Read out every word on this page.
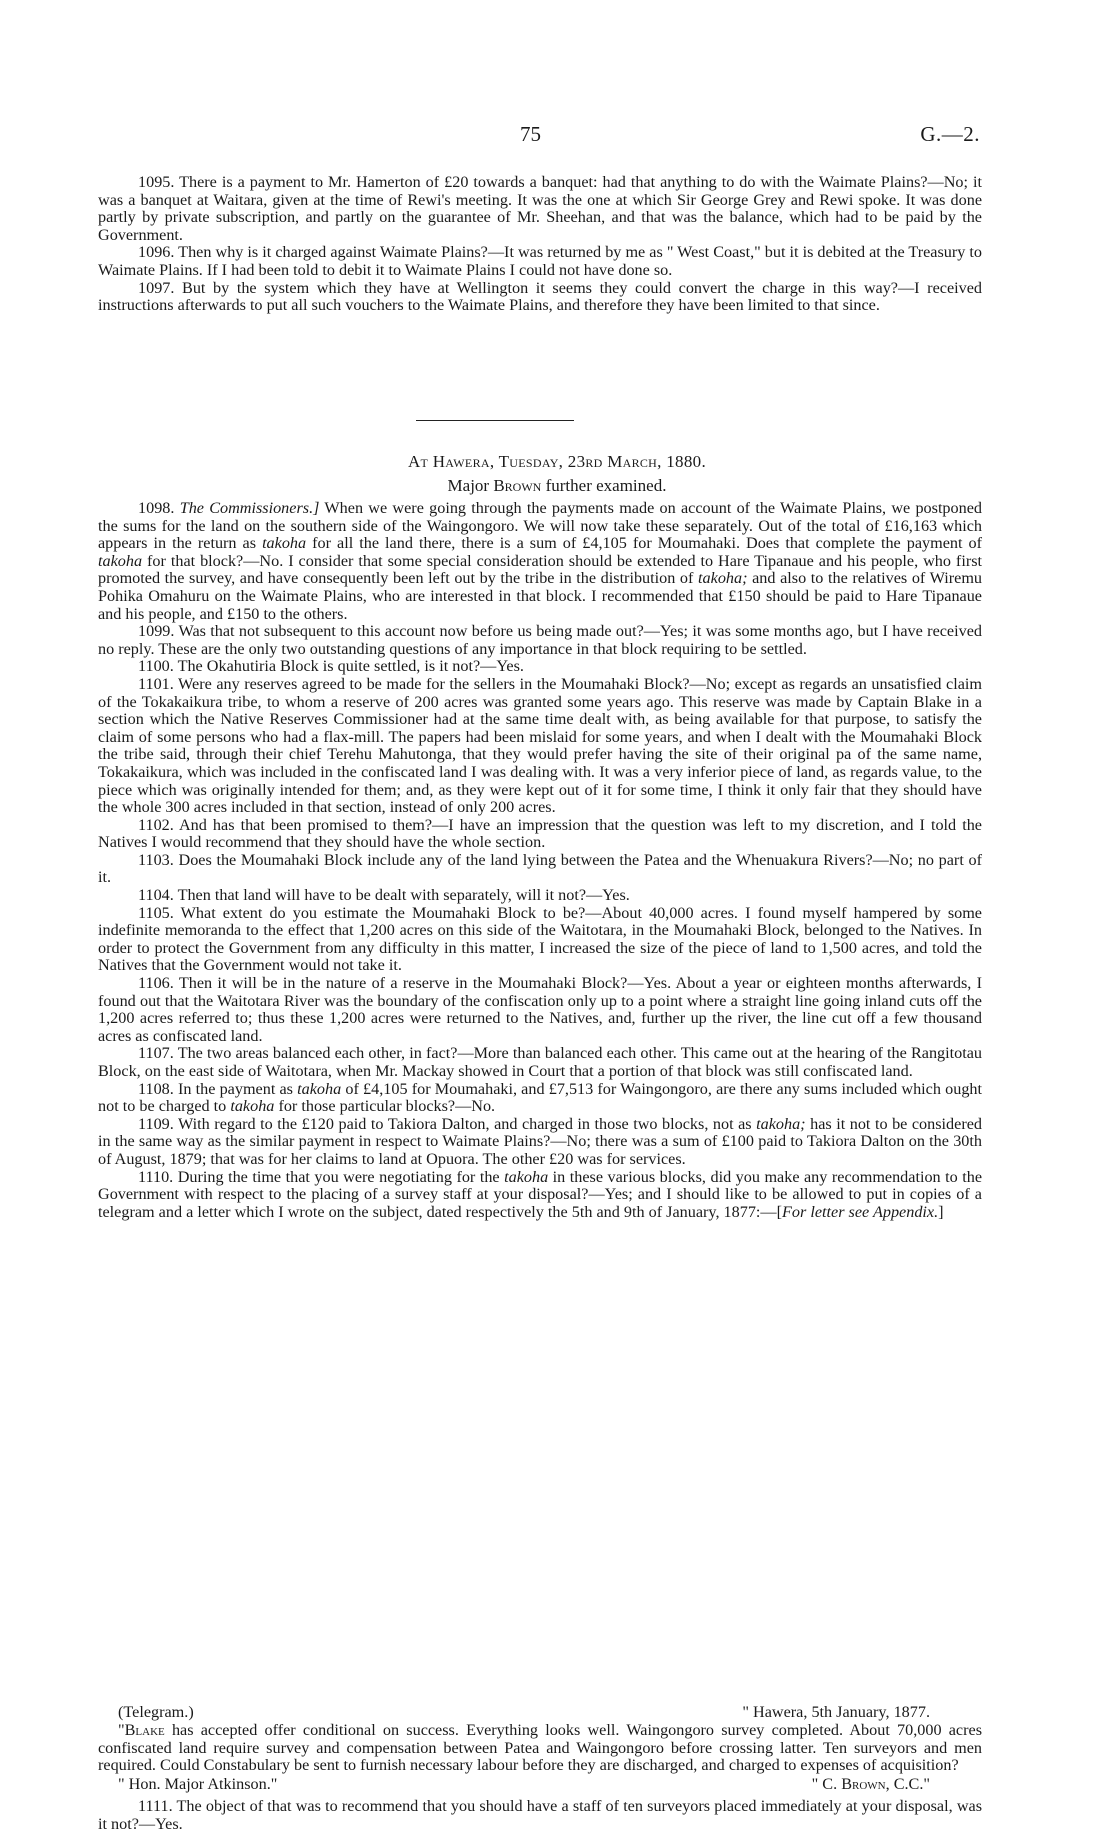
75	G.—2.

1095. There is a payment to Mr. Hamerton of £20 towards a banquet: had that anything to do with the Waimate Plains?—No; it was a banquet at Waitara, given at the time of Rewi's meeting. It was the one at which Sir George Grey and Rewi spoke. It was done partly by private subscription, and partly on the guarantee of Mr. Sheehan, and that was the balance, which had to be paid by the Government.

1096. Then why is it charged against Waimate Plains?—It was returned by me as " West Coast," but it is debited at the Treasury to Waimate Plains. If I had been told to debit it to Waimate Plains I could not have done so.

1097. But by the system which they have at Wellington it seems they could convert the charge in this way?—I received instructions afterwards to put all such vouchers to the Waimate Plains, and therefore they have been limited to that since.

At Hawera, Tuesday, 23rd March, 1880.
Major Brown further examined.

1098. The Commissioners.] When we were going through the payments made on account of the Waimate Plains, we postponed the sums for the land on the southern side of the Waingongoro. We will now take these separately. Out of the total of £16,163 which appears in the return as takoha for all the land there, there is a sum of £4,105 for Moumahaki. Does that complete the payment of takoha for that block?—No. I consider that some special consideration should be extended to Hare Tipanaue and his people, who first promoted the survey, and have consequently been left out by the tribe in the distribution of takoha; and also to the relatives of Wiremu Pohika Omahuru on the Waimate Plains, who are interested in that block. I recommended that £150 should be paid to Hare Tipanaue and his people, and £150 to the others.

1099. Was that not subsequent to this account now before us being made out?—Yes; it was some months ago, but I have received no reply. These are the only two outstanding questions of any importance in that block requiring to be settled.

1100. The Okahutiria Block is quite settled, is it not?—Yes.

1101. Were any reserves agreed to be made for the sellers in the Moumahaki Block?—No; except as regards an unsatisfied claim of the Tokakaikura tribe, to whom a reserve of 200 acres was granted some years ago. This reserve was made by Captain Blake in a section which the Native Reserves Commissioner had at the same time dealt with, as being available for that purpose, to satisfy the claim of some persons who had a flax-mill. The papers had been mislaid for some years, and when I dealt with the Moumahaki Block the tribe said, through their chief Terehu Mahutonga, that they would prefer having the site of their original pa of the same name, Tokakaikura, which was included in the confiscated land I was dealing with. It was a very inferior piece of land, as regards value, to the piece which was originally intended for them; and, as they were kept out of it for some time, I think it only fair that they should have the whole 300 acres included in that section, instead of only 200 acres.

1102. And has that been promised to them?—I have an impression that the question was left to my discretion, and I told the Natives I would recommend that they should have the whole section.

1103. Does the Moumahaki Block include any of the land lying between the Patea and the Whenuakura Rivers?—No; no part of it.

1104. Then that land will have to be dealt with separately, will it not?—Yes.

1105. What extent do you estimate the Moumahaki Block to be?—About 40,000 acres. I found myself hampered by some indefinite memoranda to the effect that 1,200 acres on this side of the Waitotara, in the Moumahaki Block, belonged to the Natives. In order to protect the Government from any difficulty in this matter, I increased the size of the piece of land to 1,500 acres, and told the Natives that the Government would not take it.

1106. Then it will be in the nature of a reserve in the Moumahaki Block?—Yes. About a year or eighteen months afterwards, I found out that the Waitotara River was the boundary of the confiscation only up to a point where a straight line going inland cuts off the 1,200 acres referred to; thus these 1,200 acres were returned to the Natives, and, further up the river, the line cut off a few thousand acres as confiscated land.

1107. The two areas balanced each other, in fact?—More than balanced each other. This came out at the hearing of the Rangitotau Block, on the east side of Waitotara, when Mr. Mackay showed in Court that a portion of that block was still confiscated land.

1108. In the payment as takoha of £4,105 for Moumahaki, and £7,513 for Waingongoro, are there any sums included which ought not to be charged to takoha for those particular blocks?—No.

1109. With regard to the £120 paid to Takiora Dalton, and charged in those two blocks, not as takoha; has it not to be considered in the same way as the similar payment in respect to Waimate Plains?—No; there was a sum of £100 paid to Takiora Dalton on the 30th of August, 1879; that was for her claims to land at Opuora. The other £20 was for services.

1110. During the time that you were negotiating for the takoha in these various blocks, did you make any recommendation to the Government with respect to the placing of a survey staff at your disposal?—Yes; and I should like to be allowed to put in copies of a telegram and a letter which I wrote on the subject, dated respectively the 5th and 9th of January, 1877:—[For letter see Appendix.]

(Telegram.)	" Hawera, 5th January, 1877.

"Blake has accepted offer conditional on success. Everything looks well. Waingongoro survey completed. About 70,000 acres confiscated land require survey and compensation between Patea and Waingongoro before crossing latter. Ten surveyors and men required. Could Constabulary be sent to furnish necessary labour before they are discharged, and charged to expenses of acquisition?

" Hon. Major Atkinson."	" C. Brown, C.C."

1111. The object of that was to recommend that you should have a staff of ten surveyors placed immediately at your disposal, was it not?—Yes.
